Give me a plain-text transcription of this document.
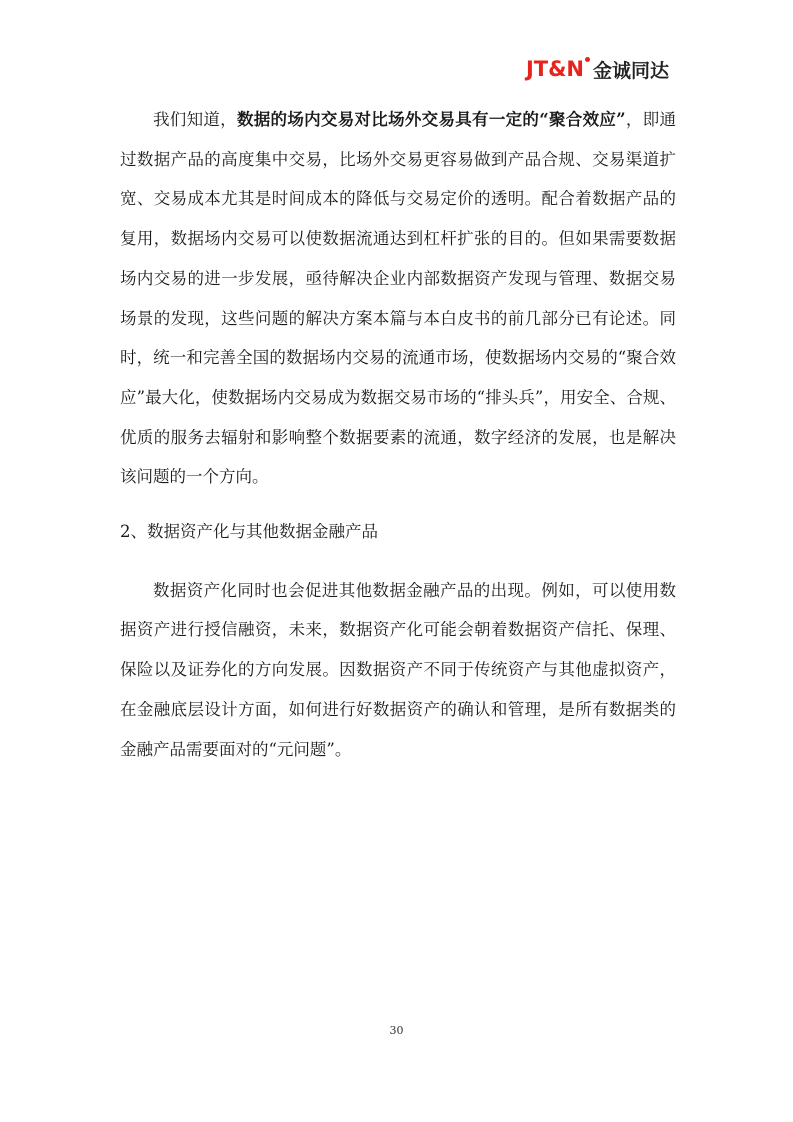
JT&N 金诚同达

我们知道，数据的场内交易对比场外交易具有一定的“聚合效应”，即通过数据产品的高度集中交易，比场外交易更容易做到产品合规、交易渠道扩宽、交易成本尤其是时间成本的降低与交易定价的透明。配合着数据产品的复用，数据场内交易可以使数据流通达到杠杆扩张的目的。但如果需要数据场内交易的进一步发展，亟待解决企业内部数据资产发现与管理、数据交易场景的发现，这些问题的解决方案本篇与本白皮书的前几部分已有论述。同时，统一和完善全国的数据场内交易的流通市场，使数据场内交易的“聚合效应”最大化，使数据场内交易成为数据交易市场的“排头兵”，用安全、合规、优质的服务去辐射和影响整个数据要素的流通，数字经济的发展，也是解决该问题的一个方向。

2、数据资产化与其他数据金融产品

数据资产化同时也会促进其他数据金融产品的出现。例如，可以使用数据资产进行授信融资，未来，数据资产化可能会朝着数据资产信托、保理、保险以及证券化的方向发展。因数据资产不同于传统资产与其他虚拟资产，在金融底层设计方面，如何进行好数据资产的确认和管理，是所有数据类的金融产品需要面对的“元问题”。

30
